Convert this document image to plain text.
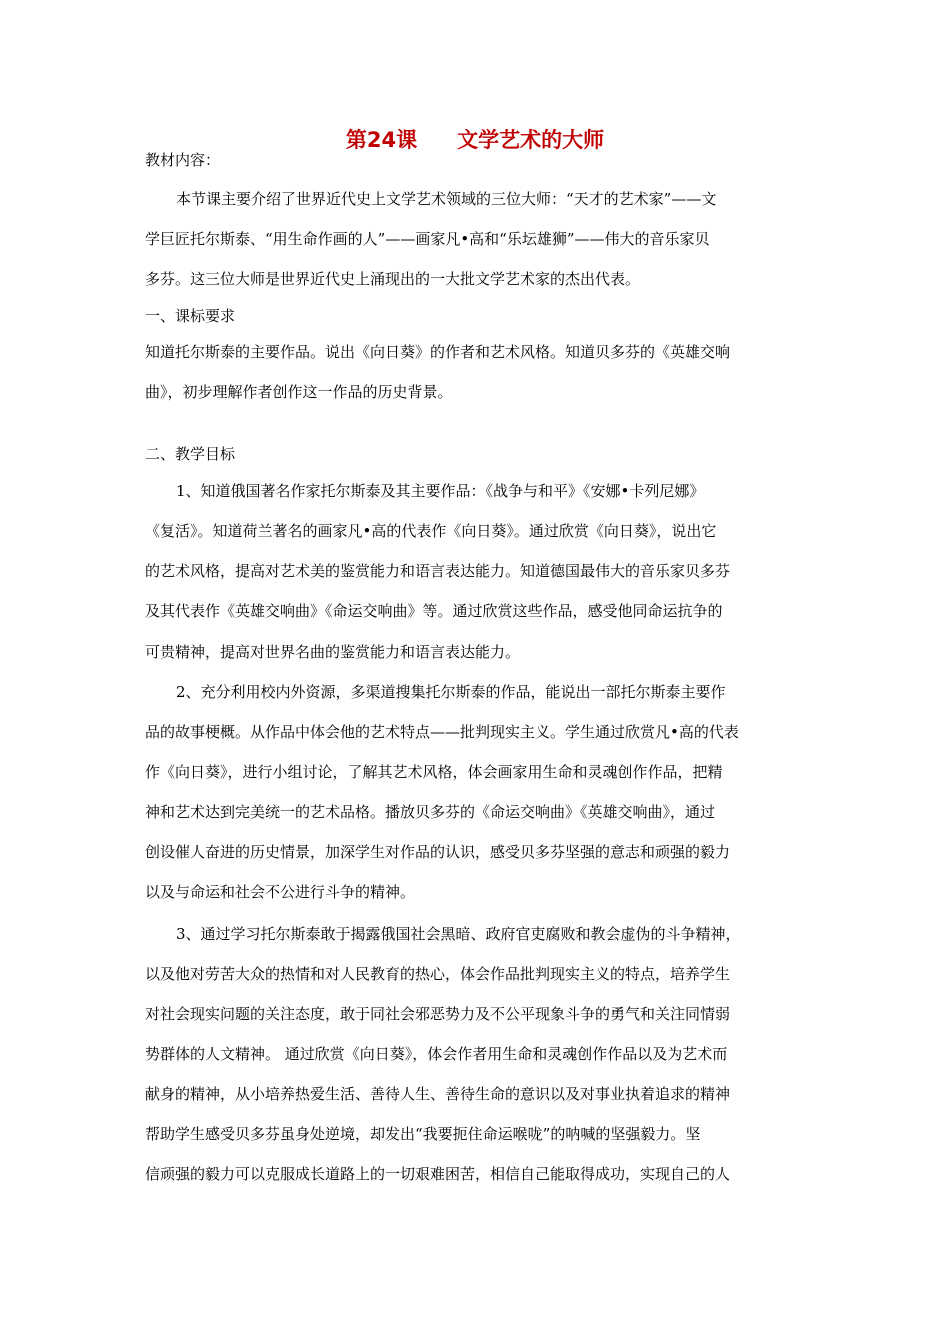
第24课 文学艺术的大师
教材内容：
本节课主要介绍了世界近代史上文学艺术领域的三位大师：“天才的艺术家”——文
学巨匠托尔斯泰、“用生命作画的人”——画家凡•高和“乐坛雄狮”——伟大的音乐家贝
多芬。这三位大师是世界近代史上涌现出的一大批文学艺术家的杰出代表。
一、课标要求
知道托尔斯泰的主要作品。说出《向日葵》的作者和艺术风格。知道贝多芬的《英雄交响
曲》，初步理解作者创作这一作品的历史背景。
二、教学目标
1、知道俄国著名作家托尔斯泰及其主要作品：《战争与和平》《安娜•卡列尼娜》
《复活》。知道荷兰著名的画家凡•高的代表作《向日葵》。通过欣赏《向日葵》，说出它
的艺术风格，提高对艺术美的鉴赏能力和语言表达能力。知道德国最伟大的音乐家贝多芬
及其代表作《英雄交响曲》《命运交响曲》等。通过欣赏这些作品，感受他同命运抗争的
可贵精神，提高对世界名曲的鉴赏能力和语言表达能力。
2、充分利用校内外资源，多渠道搜集托尔斯泰的作品，能说出一部托尔斯泰主要作
品的故事梗概。从作品中体会他的艺术特点——批判现实主义。学生通过欣赏凡•高的代表
作《向日葵》，进行小组讨论，了解其艺术风格，体会画家用生命和灵魂创作作品，把精
神和艺术达到完美统一的艺术品格。播放贝多芬的《命运交响曲》《英雄交响曲》，通过
创设催人奋进的历史情景，加深学生对作品的认识，感受贝多芬坚强的意志和顽强的毅力
以及与命运和社会不公进行斗争的精神。
3、通过学习托尔斯泰敢于揭露俄国社会黑暗、政府官吏腐败和教会虚伪的斗争精神，
以及他对劳苦大众的热情和对人民教育的热心，体会作品批判现实主义的特点，培养学生
对社会现实问题的关注态度，敢于同社会邪恶势力及不公平现象斗争的勇气和关注同情弱
势群体的人文精神。 通过欣赏《向日葵》，体会作者用生命和灵魂创作作品以及为艺术而
献身的精神，从小培养热爱生活、善待人生、善待生命的意识以及对事业执着追求的精神
帮助学生感受贝多芬虽身处逆境，却发出“我要扼住命运喉咙”的呐喊的坚强毅力。坚
信顽强的毅力可以克服成长道路上的一切艰难困苦，相信自己能取得成功，实现自己的人
